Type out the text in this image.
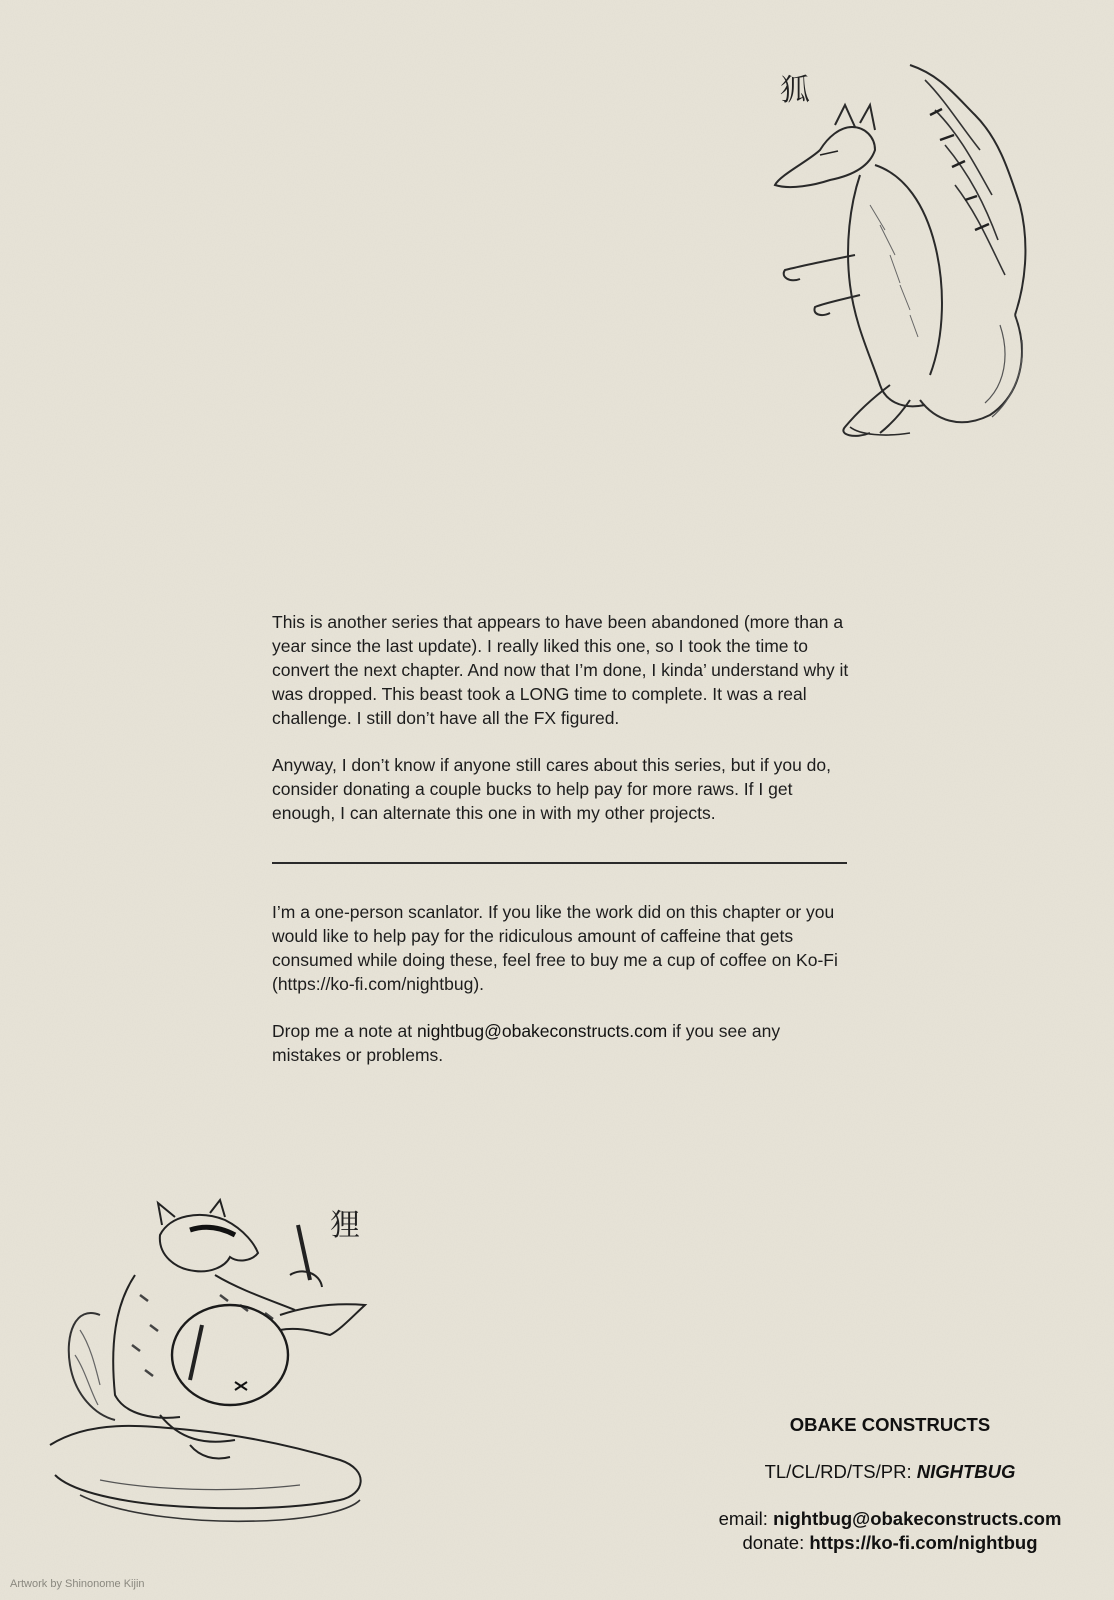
狐

This is another series that appears to have been abandoned (more than a year since the last update). I really liked this one, so I took the time to convert the next chapter. And now that I’m done, I kinda’ understand why it was dropped. This beast took a LONG time to complete. It was a real challenge. I still don’t have all the FX figured.

Anyway, I don’t know if anyone still cares about this series, but if you do, consider donating a couple bucks to help pay for more raws. If I get enough, I can alternate this one in with my other projects.

I’m a one-person scanlator. If you like the work did on this chapter or you would like to help pay for the ridiculous amount of caffeine that gets consumed while doing these, feel free to buy me a cup of coffee on Ko-Fi (https://ko-fi.com/nightbug).

Drop me a note at nightbug@obakeconstructs.com if you see any mistakes or problems.

狸
OBAKE CONSTRUCTS
TL/CL/RD/TS/PR: NIGHTBUG
email: nightbug@obakeconstructs.com
donate: https://ko-fi.com/nightbug
Artwork by Shinonome Kijin
